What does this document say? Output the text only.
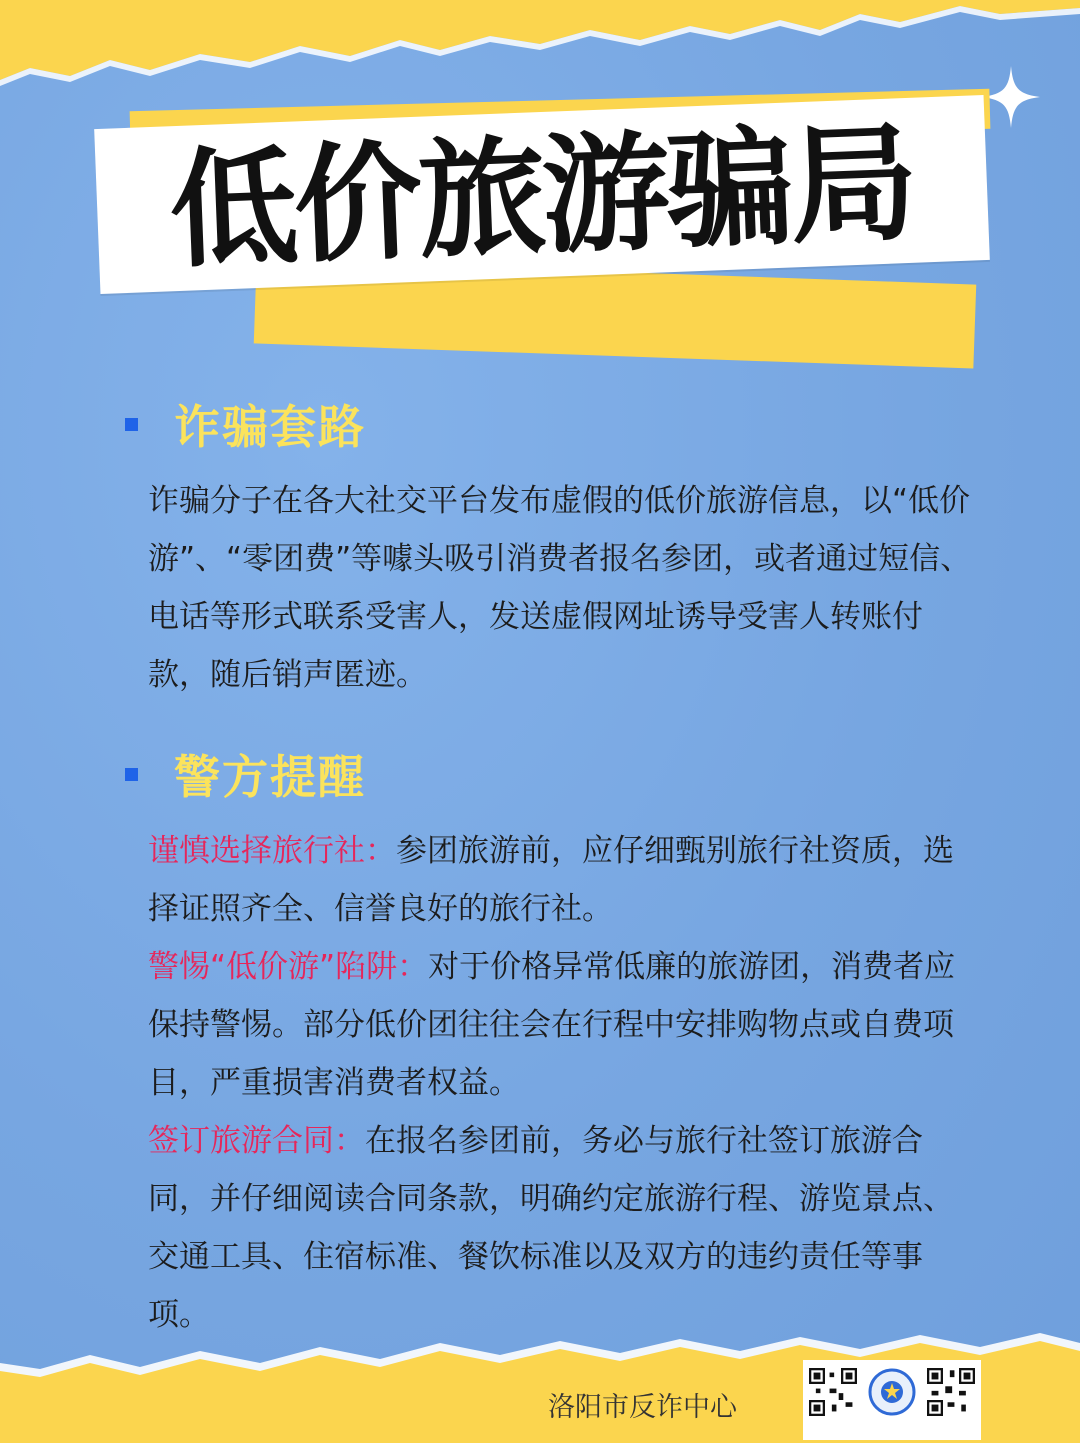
低价旅游骗局
诈骗套路
诈骗分子在各大社交平台发布虚假的低价旅游信息，以“低价游”、“零团费”等噱头吸引消费者报名参团，或者通过短信、电话等形式联系受害人，发送虚假网址诱导受害人转账付款，随后销声匿迹。
警方提醒
谨慎选择旅行社：参团旅游前，应仔细甄别旅行社资质，选择证照齐全、信誉良好的旅行社。
警惕“低价游”陷阱：对于价格异常低廉的旅游团，消费者应保持警惕。部分低价团往往会在行程中安排购物点或自费项目，严重损害消费者权益。
签订旅游合同：在报名参团前，务必与旅行社签订旅游合同，并仔细阅读合同条款，明确约定旅游行程、游览景点、交通工具、住宿标准、餐饮标准以及双方的违约责任等事项。
洛阳市反诈中心
